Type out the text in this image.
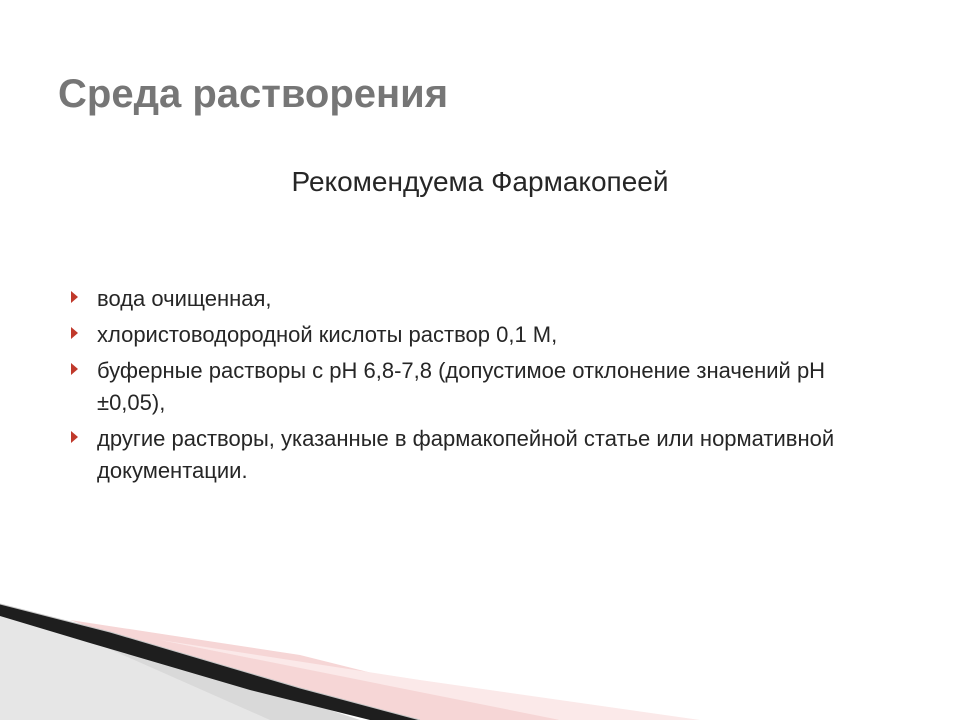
Среда растворения
Рекомендуема Фармакопеей
вода очищенная,
хлористоводородной кислоты раствор 0,1 М,
буферные растворы с pH 6,8-7,8 (допустимое отклонение значений pH ±0,05),
другие растворы, указанные в фармакопейной статье или нормативной документации.
